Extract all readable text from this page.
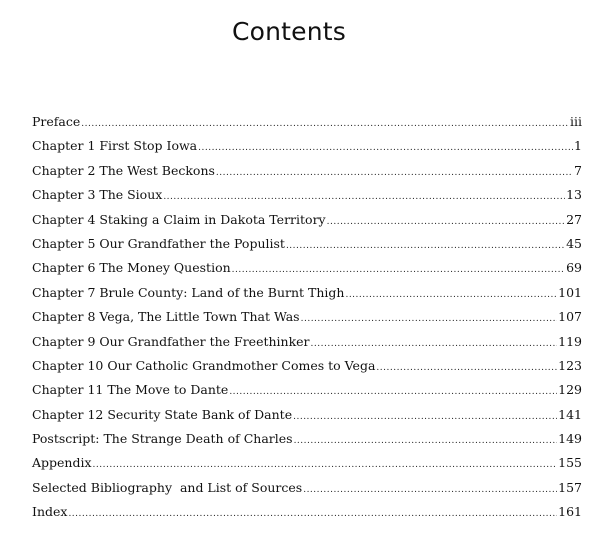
Contents
Preface .....	iii
Chapter 1 First Stop Iowa .....	1
Chapter 2 The West Beckons .....	7
Chapter 3 The Sioux .....	13
Chapter 4 Staking a Claim in Dakota Territory .....	27
Chapter 5 Our Grandfather the Populist .....	45
Chapter 6 The Money Question .....	69
Chapter 7 Brule County: Land of the Burnt Thigh .....	101
Chapter 8 Vega, The Little Town That Was .....	107
Chapter 9 Our Grandfather the Freethinker .....	119
Chapter 10 Our Catholic Grandmother Comes to Vega .....	123
Chapter 11 The Move to Dante .....	129
Chapter 12 Security State Bank of Dante .....	141
Postscript: The Strange Death of Charles .....	149
Appendix .....	155
Selected Bibliography  and List of Sources .....	157
Index .....	161
